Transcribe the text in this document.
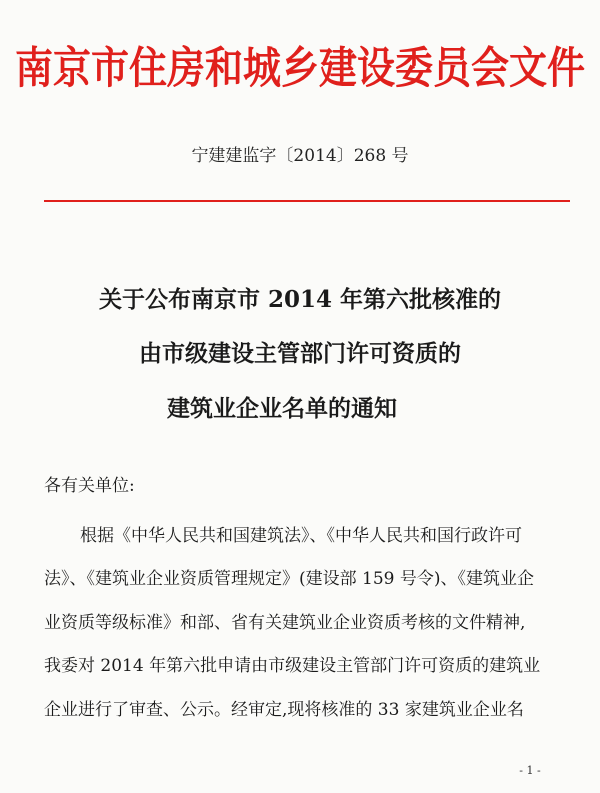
南京市住房和城乡建设委员会文件
宁建建监字〔2014〕268 号
关于公布南京市 2014 年第六批核准的
由市级建设主管部门许可资质的
建筑业企业名单的通知
各有关单位:
根据《中华人民共和国建筑法》、《中华人民共和国行政许可
法》、《建筑业企业资质管理规定》(建设部 159 号令)、《建筑业企
业资质等级标准》和部、省有关建筑业企业资质考核的文件精神,
我委对 2014 年第六批申请由市级建设主管部门许可资质的建筑业
企业进行了审查、公示。经审定,现将核准的 33 家建筑业企业名
- 1 -
